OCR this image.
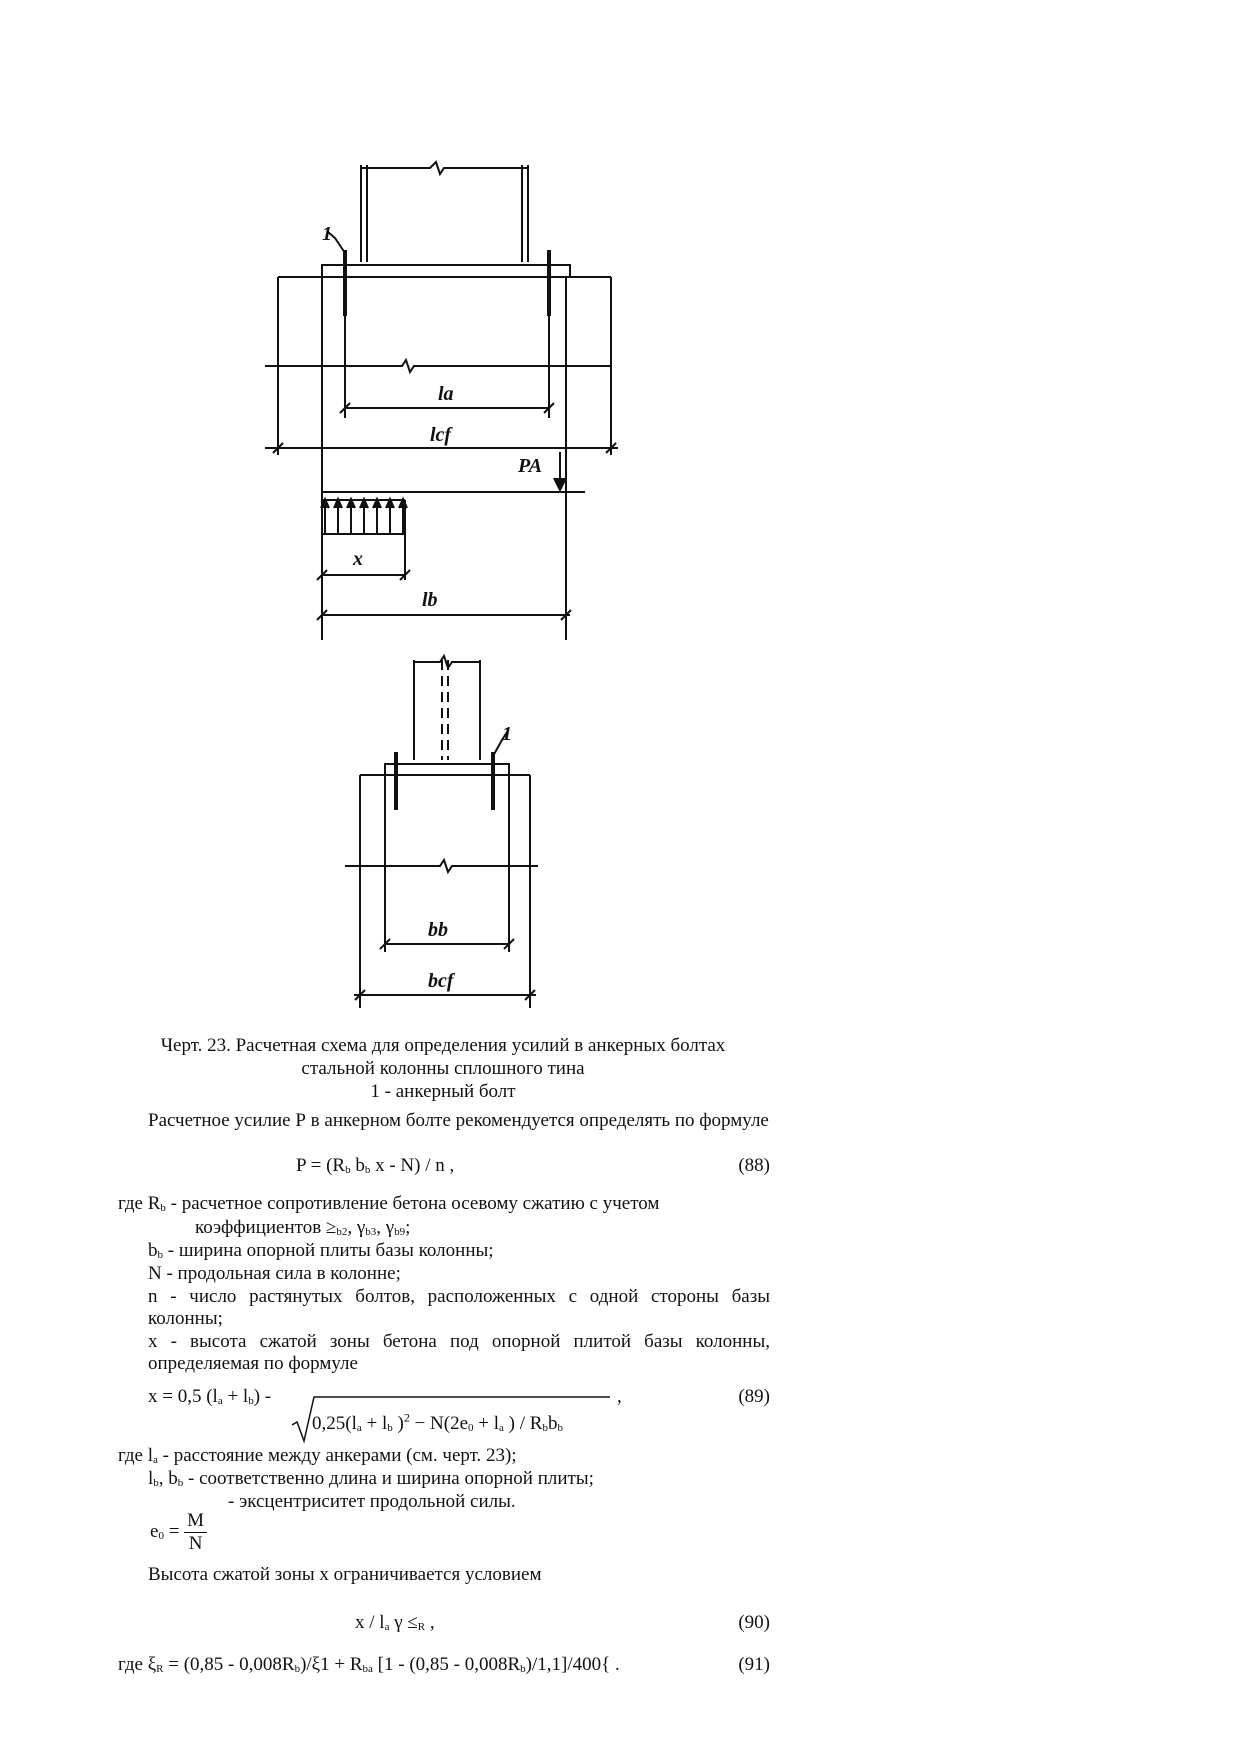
1
la
lcf
PA
x
lb
1
bb
bcf
Черт. 23. Расчетная схема для определения усилий в анкерных болтах
стальной колонны сплошного тина
1 - анкерный болт
Расчетное усилие Р в анкерном болте рекомендуется определять по формуле
$P = (R_b$ $b_b$ x - N) / n ,	(88)
где $R_b$ - расчетное сопротивление бетона осевому сжатию с учетом
коэффициентов $\ge_{b2}$, $\gamma_{b3}$, $\gamma_{b9}$;
$b_b$ - ширина опорной плиты базы колонны;
N - продольная сила в колонне;
n - число растянутых болтов, расположенных с одной стороны базы колонны;
x - высота сжатой зоны бетона под опорной плитой базы колонны, определяемая по формуле
x = 0,5 $(l_a + l_b)$ -	,
$0,25(l_a + l_b$ )$^2 - N(2e_0 + l_a$ ) / $R_bb_b$
(89)
где $l_a$ - расстояние между анкерами (см. черт. 23);
$l_b$, $b_b$ - соответственно длина и ширина опорной плиты;
- эксцентриситет продольной силы.
$e_0 = \frac{M}{N}$
Высота сжатой зоны x ограничивается условием
x / $l_a$ $\gamma \le_R$ ,	(90)
где $\xi_R = (0,85 - 0,008R_b)/\xi 1 + R_{ba}$ $[1 - (0,85 - 0,008R_b)/1,1]/400${ .	(91)
